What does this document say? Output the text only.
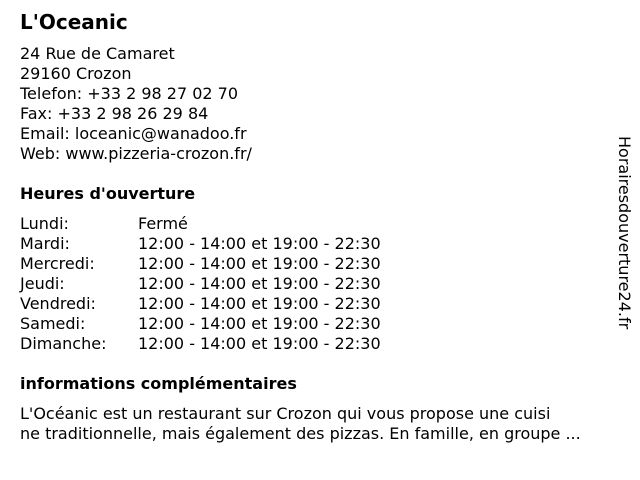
L'Oceanic
24 Rue de Camaret
29160 Crozon
Telefon: +33 2 98 27 02 70
Fax: +33 2 98 26 29 84
Email: loceanic@wanadoo.fr
Web: www.pizzeria-crozon.fr/
Heures d'ouverture
Lundi:	Fermé
Mardi:	12:00 - 14:00 et 19:00 - 22:30
Mercredi:	12:00 - 14:00 et 19:00 - 22:30
Jeudi:	12:00 - 14:00 et 19:00 - 22:30
Vendredi:	12:00 - 14:00 et 19:00 - 22:30
Samedi:	12:00 - 14:00 et 19:00 - 22:30
Dimanche: 12:00 - 14:00 et 19:00 - 22:30
informations complémentaires
L'Océanic est un restaurant sur Crozon qui vous propose une cuisi
ne traditionnelle, mais également des pizzas. En famille, en groupe ...
Horairesdouverture24.fr
